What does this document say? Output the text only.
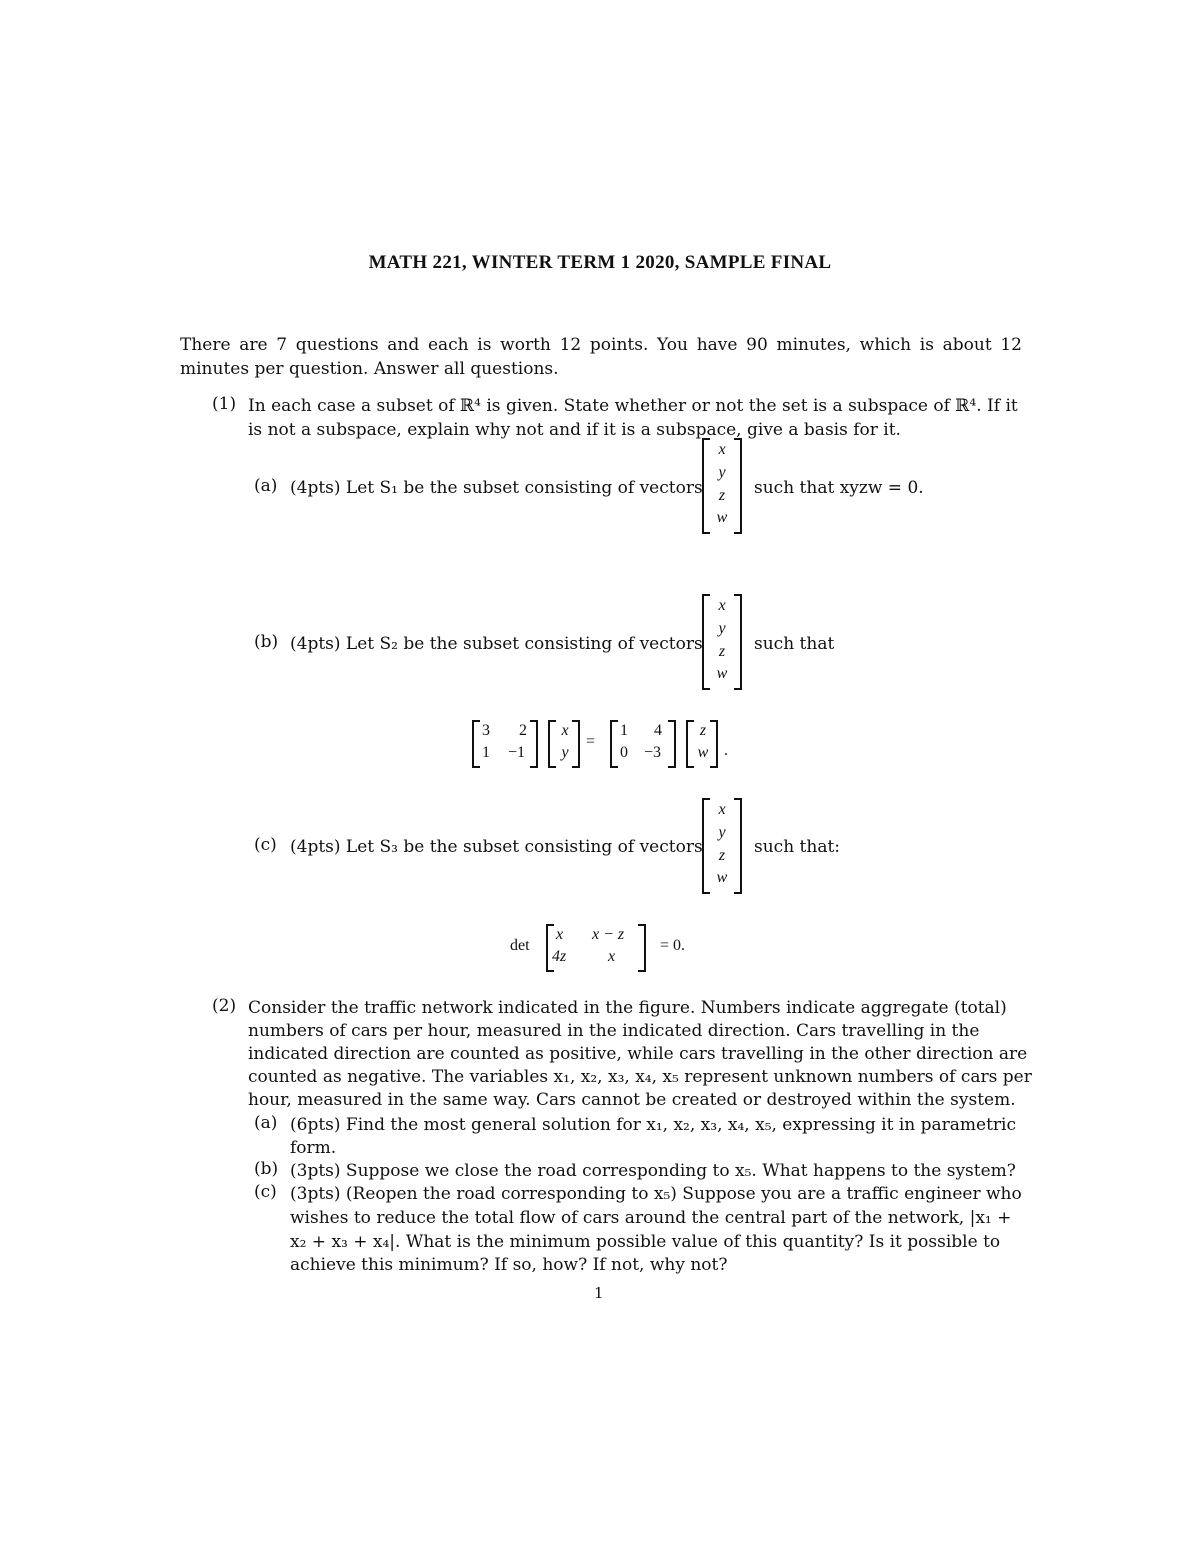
MATH 221, WINTER TERM 1 2020, SAMPLE FINAL
There are 7 questions and each is worth 12 points. You have 90 minutes, which is about 12 minutes per question. Answer all questions.
(1) In each case a subset of ℝ⁴ is given. State whether or not the set is a subspace of ℝ⁴. If it
is not a subspace, explain why not and if it is a subspace, give a basis for it.
(a) (4pts) Let S₁ be the subset consisting of vectors
x
y
z
w
such that xyzw = 0.
(b) (4pts) Let S₂ be the subset consisting of vectors
x
y
z
w
such that
3 2
1 −1
x
y
=
1 4
0 −3
z
w .
(c) (4pts) Let S₃ be the subset consisting of vectors
x
y
z
w
such that:
det
x x − z
4z	x
= 0.
(2) Consider the traffic network indicated in the figure. Numbers indicate aggregate (total)
numbers of cars per hour, measured in the indicated direction. Cars travelling in the
indicated direction are counted as positive, while cars travelling in the other direction are
counted as negative. The variables x₁, x₂, x₃, x₄, x₅ represent unknown numbers of cars per
hour, measured in the same way. Cars cannot be created or destroyed within the system.
(a) (6pts) Find the most general solution for x₁, x₂, x₃, x₄, x₅, expressing it in parametric
form.
(b) (3pts) Suppose we close the road corresponding to x₅. What happens to the system?
(c) (3pts) (Reopen the road corresponding to x₅) Suppose you are a traffic engineer who
wishes to reduce the total flow of cars around the central part of the network, |x₁ +
x₂ + x₃ + x₄|. What is the minimum possible value of this quantity? Is it possible to
achieve this minimum? If so, how? If not, why not?
1
